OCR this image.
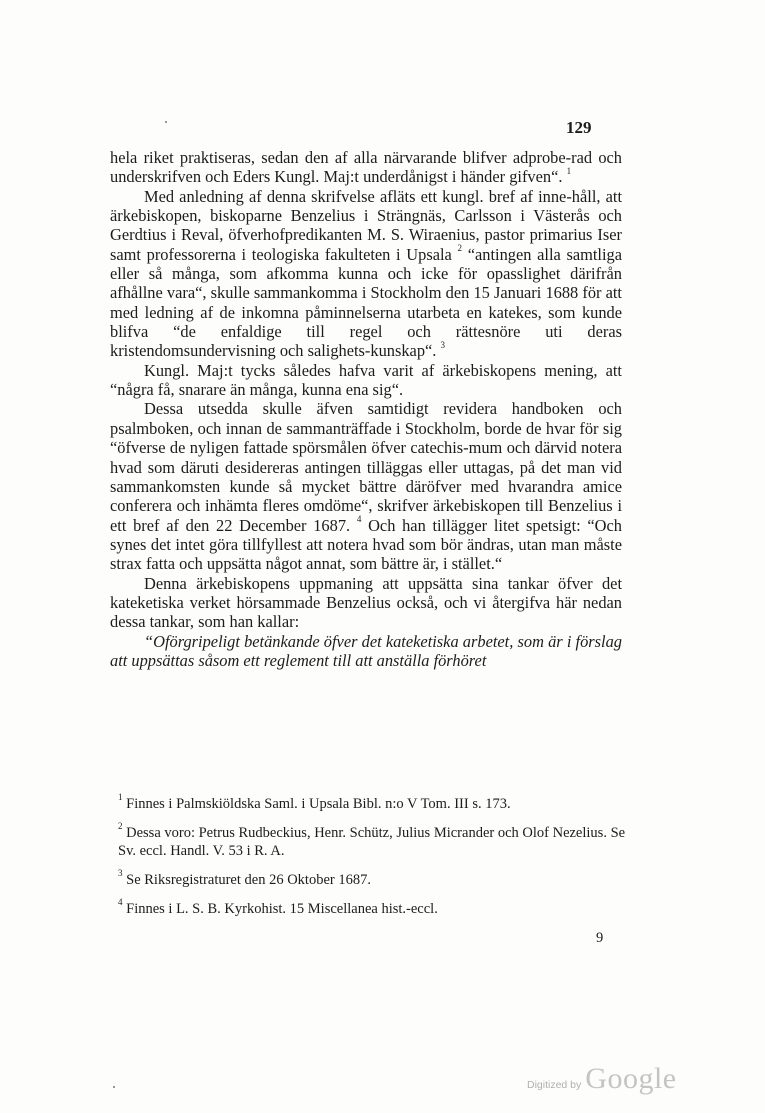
129

hela riket praktiseras, sedan den af alla närvarande blifver adprobe-rad och underskrifven och Eders Kungl. Maj:t underdånigst i händer gifven“. $^1$

Med anledning af denna skrifvelse afläts ett kungl. bref af inne-håll, att ärkebiskopen, biskoparne Benzelius i Strängnäs, Carlsson i Västerås och Gerdtius i Reval, öfverhofpredikanten M. S. Wiraenius, pastor primarius Iser samt professorerna i teologiska fakulteten i Upsala $^2$ “antingen alla samtliga eller så många, som afkomma kunna och icke för opasslighet därifrån afhållne vara“, skulle sammankomma i Stockholm den 15 Januari 1688 för att med ledning af de inkomna påminnelserna utarbeta en katekes, som kunde blifva “de enfaldige till regel och rättesnöre uti deras kristendomsundervisning och salighets-kunskap“. $^3$

Kungl. Maj:t tycks således hafva varit af ärkebiskopens mening, att “några få, snarare än många, kunna ena sig“.

Dessa utsedda skulle äfven samtidigt revidera handboken och psalmboken, och innan de sammanträffade i Stockholm, borde de hvar för sig “öfverse de nyligen fattade spörsmålen öfver catechis-mum och därvid notera hvad som däruti desidereras antingen tilläggas eller uttagas, på det man vid sammankomsten kunde så mycket bättre däröfver med hvarandra amice conferera och inhämta fleres omdöme“, skrifver ärkebiskopen till Benzelius i ett bref af den 22 December 1687. $^4$ Och han tillägger litet spetsigt: “Och synes det intet göra tillfyllest att notera hvad som bör ändras, utan man måste strax fatta och uppsätta något annat, som bättre är, i stället.“

Denna ärkebiskopens uppmaning att uppsätta sina tankar öfver det kateketiska verket hörsammade Benzelius också, och vi återgifva här nedan dessa tankar, som han kallar:

“Oförgripeligt betänkande öfver det kateketiska arbetet, som är i förslag att uppsättas såsom ett reglement till att anställa förhöret

$^1$ Finnes i Palmskiöldska Saml. i Upsala Bibl. n:o V Tom. III s. 173.

$^2$ Dessa voro: Petrus Rudbeckius, Henr. Schütz, Julius Micrander och Olof Nezelius. Se Sv. eccl. Handl. V. 53 i R. A.

$^3$ Se Riksregistraturet den 26 Oktober 1687.

$^4$ Finnes i L. S. B. Kyrkohist. 15 Miscellanea hist.-eccl.

9
Digitized by Google
